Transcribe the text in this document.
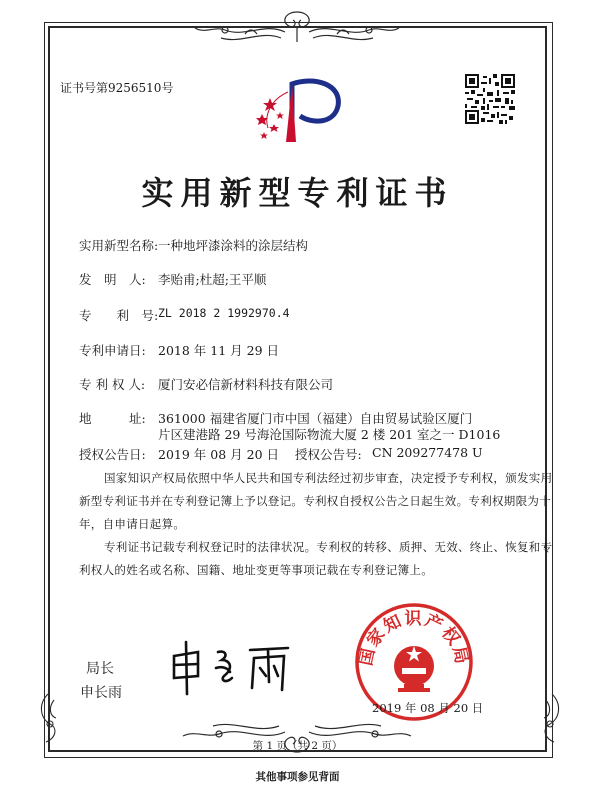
证书号第9256510号
实用新型专利证书
实用新型名称: 一种地坪漆涂料的涂层结构
发　明　人: 李贻甫;杜超;王平顺
专　　利　号: ZL 2018 2 1992970.4
专利申请日: 2018 年 11 月 29 日
专 利 权 人: 厦门安必信新材料科技有限公司
地　　　址: 361000 福建省厦门市中国（福建）自由贸易试验区厦门
片区建港路 29 号海沧国际物流大厦 2 楼 201 室之一 D1016
授权公告日: 2019 年 08 月 20 日 授权公告号: CN 209277478 U
国家知识产权局依照中华人民共和国专利法经过初步审查，决定授予专利权，颁发实用
新型专利证书并在专利登记簿上予以登记。专利权自授权公告之日起生效。专利权期限为十
年，自申请日起算。
专利证书记载专利权登记时的法律状况。专利权的转移、质押、无效、终止、恢复和专
利权人的姓名或名称、国籍、地址变更等事项记载在专利登记簿上。
局长
申长雨
国家知识产权局
2019 年 08 月 20 日
第 1 页（共 2 页）
其他事项参见背面
